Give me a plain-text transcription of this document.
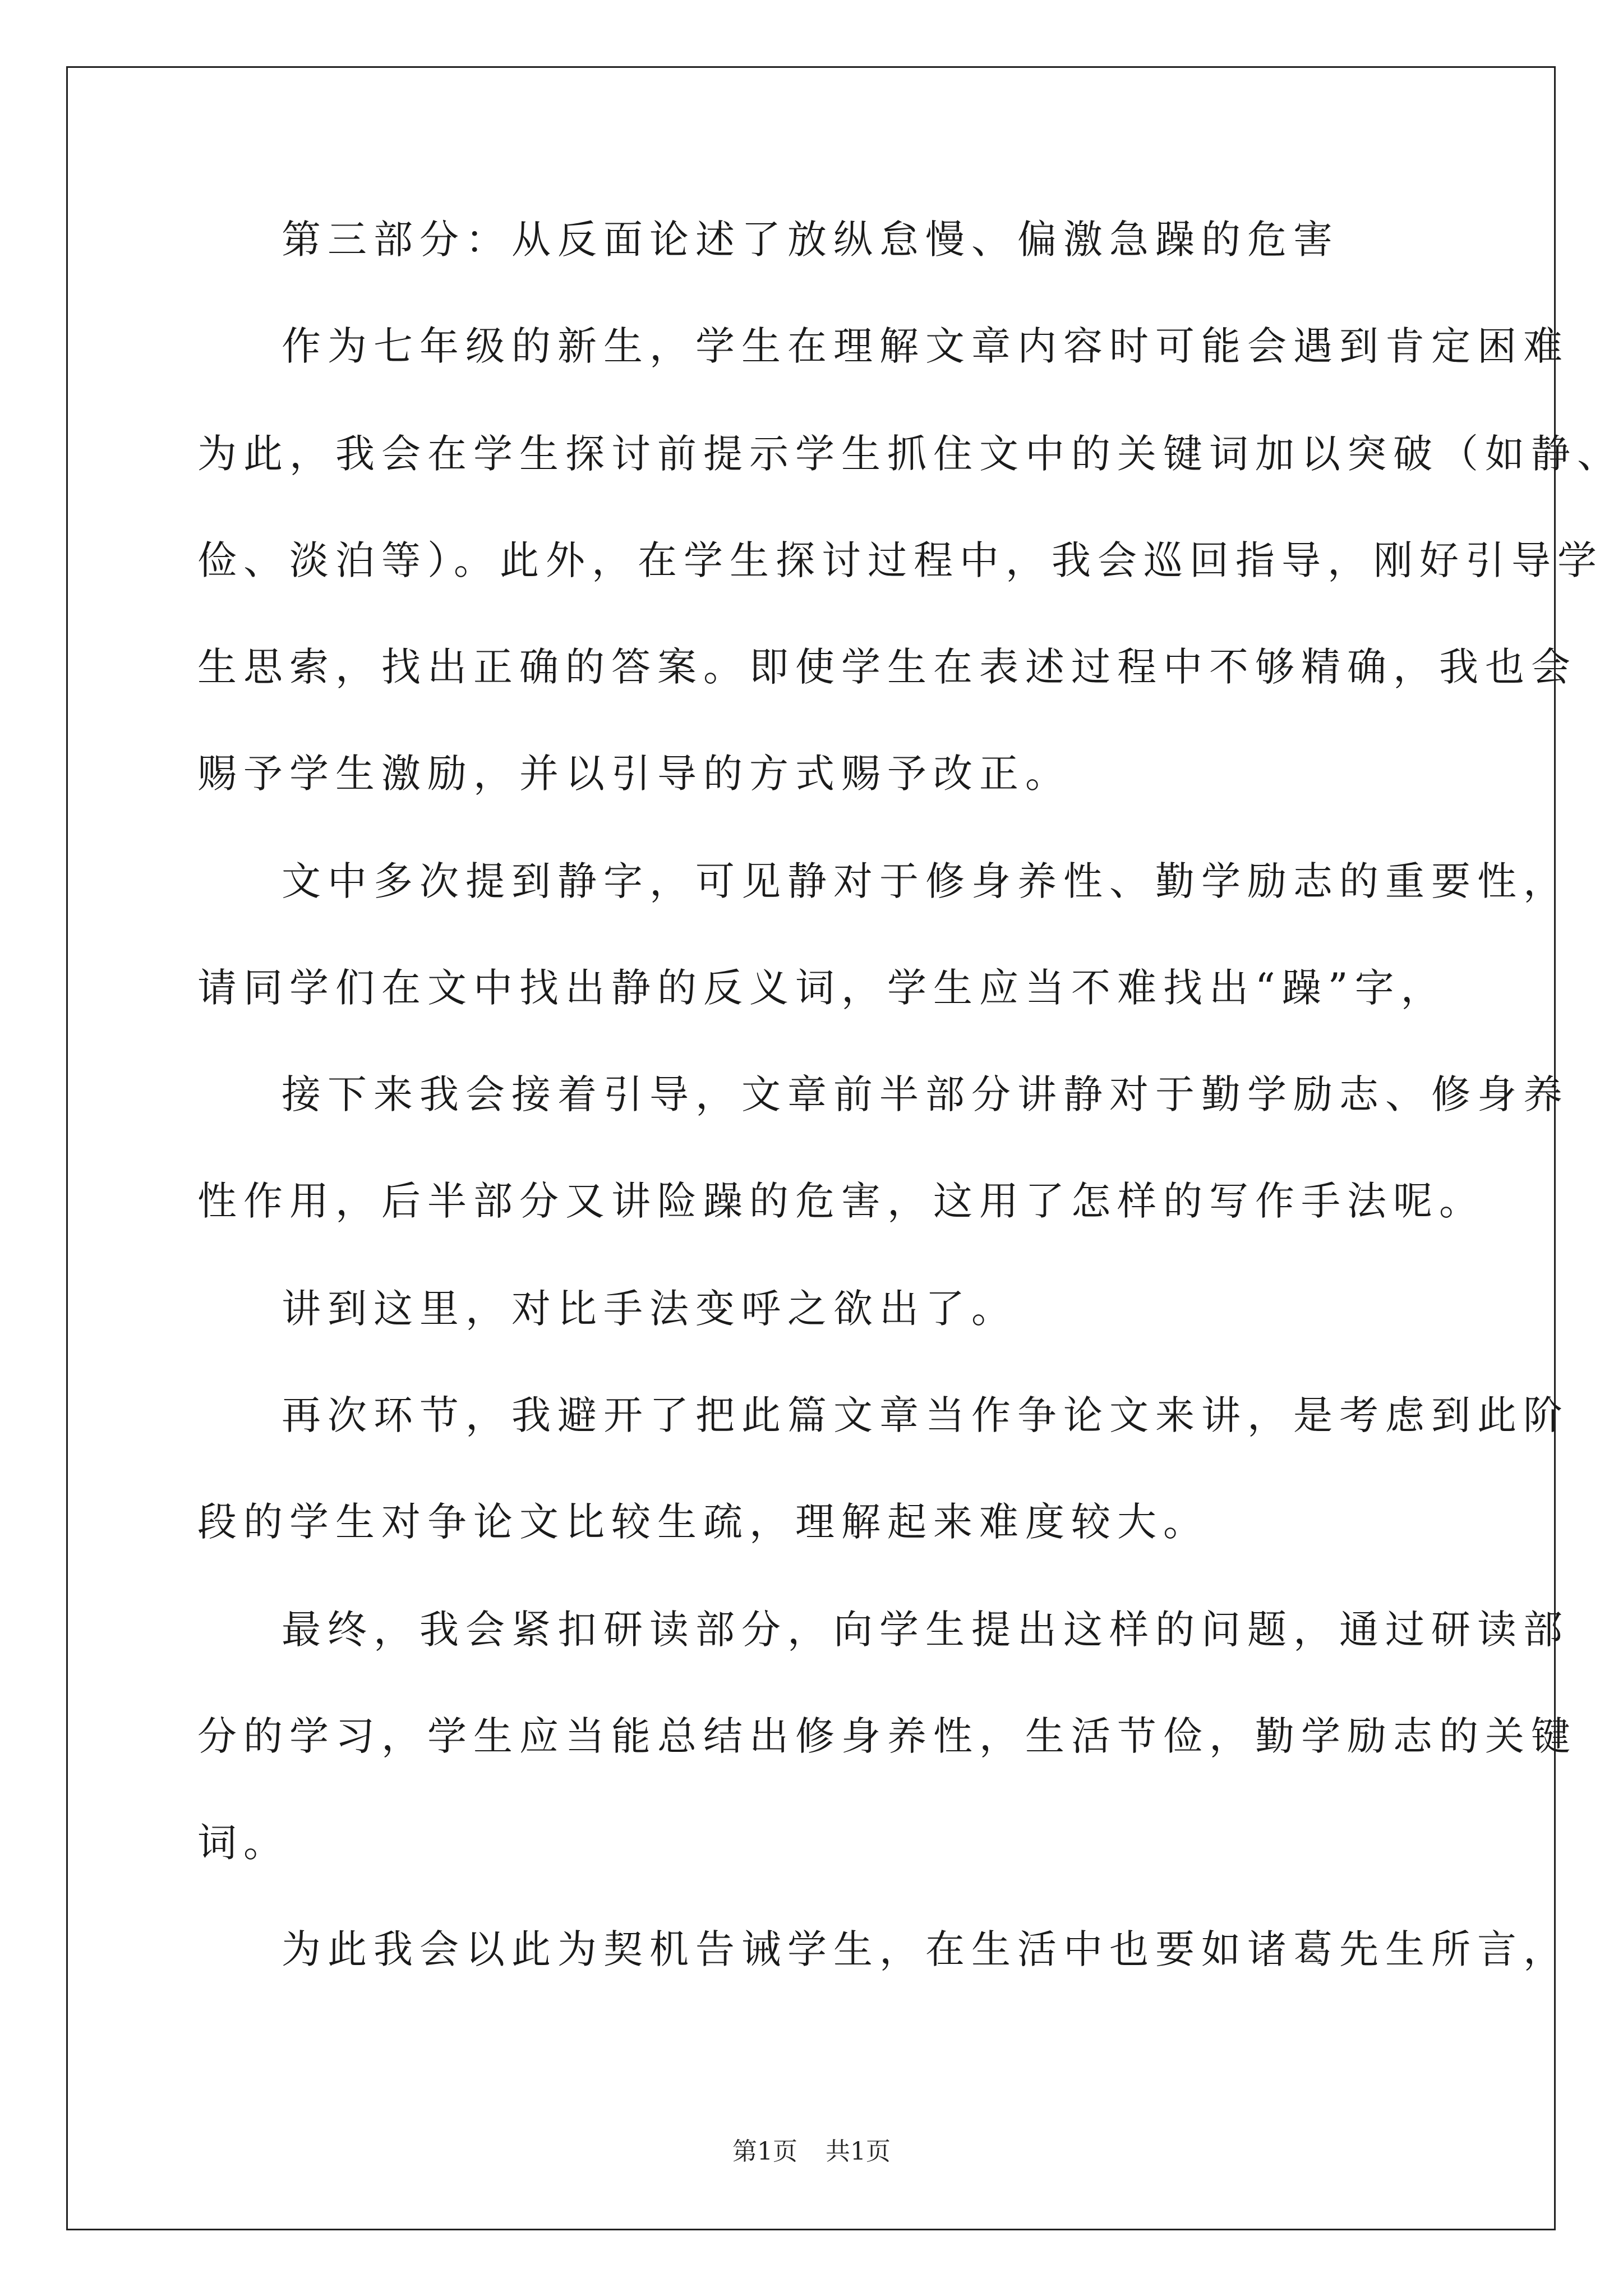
第三部分：从反面论述了放纵怠慢、偏激急躁的危害
作为七年级的新生，学生在理解文章内容时可能会遇到肯定困难
为此，我会在学生探讨前提示学生抓住文中的关键词加以突破（如静、
俭、淡泊等）。此外，在学生探讨过程中，我会巡回指导，刚好引导学
生思索，找出正确的答案。即使学生在表述过程中不够精确，我也会
赐予学生激励，并以引导的方式赐予改正。
文中多次提到静字，可见静对于修身养性、勤学励志的重要性，
请同学们在文中找出静的反义词，学生应当不难找出“躁”字，
接下来我会接着引导，文章前半部分讲静对于勤学励志、修身养
性作用，后半部分又讲险躁的危害，这用了怎样的写作手法呢。
讲到这里，对比手法变呼之欲出了。
再次环节，我避开了把此篇文章当作争论文来讲，是考虑到此阶
段的学生对争论文比较生疏，理解起来难度较大。
最终，我会紧扣研读部分，向学生提出这样的问题，通过研读部
分的学习，学生应当能总结出修身养性，生活节俭，勤学励志的关键
词。
为此我会以此为契机告诫学生，在生活中也要如诸葛先生所言，
第1页 共1页
